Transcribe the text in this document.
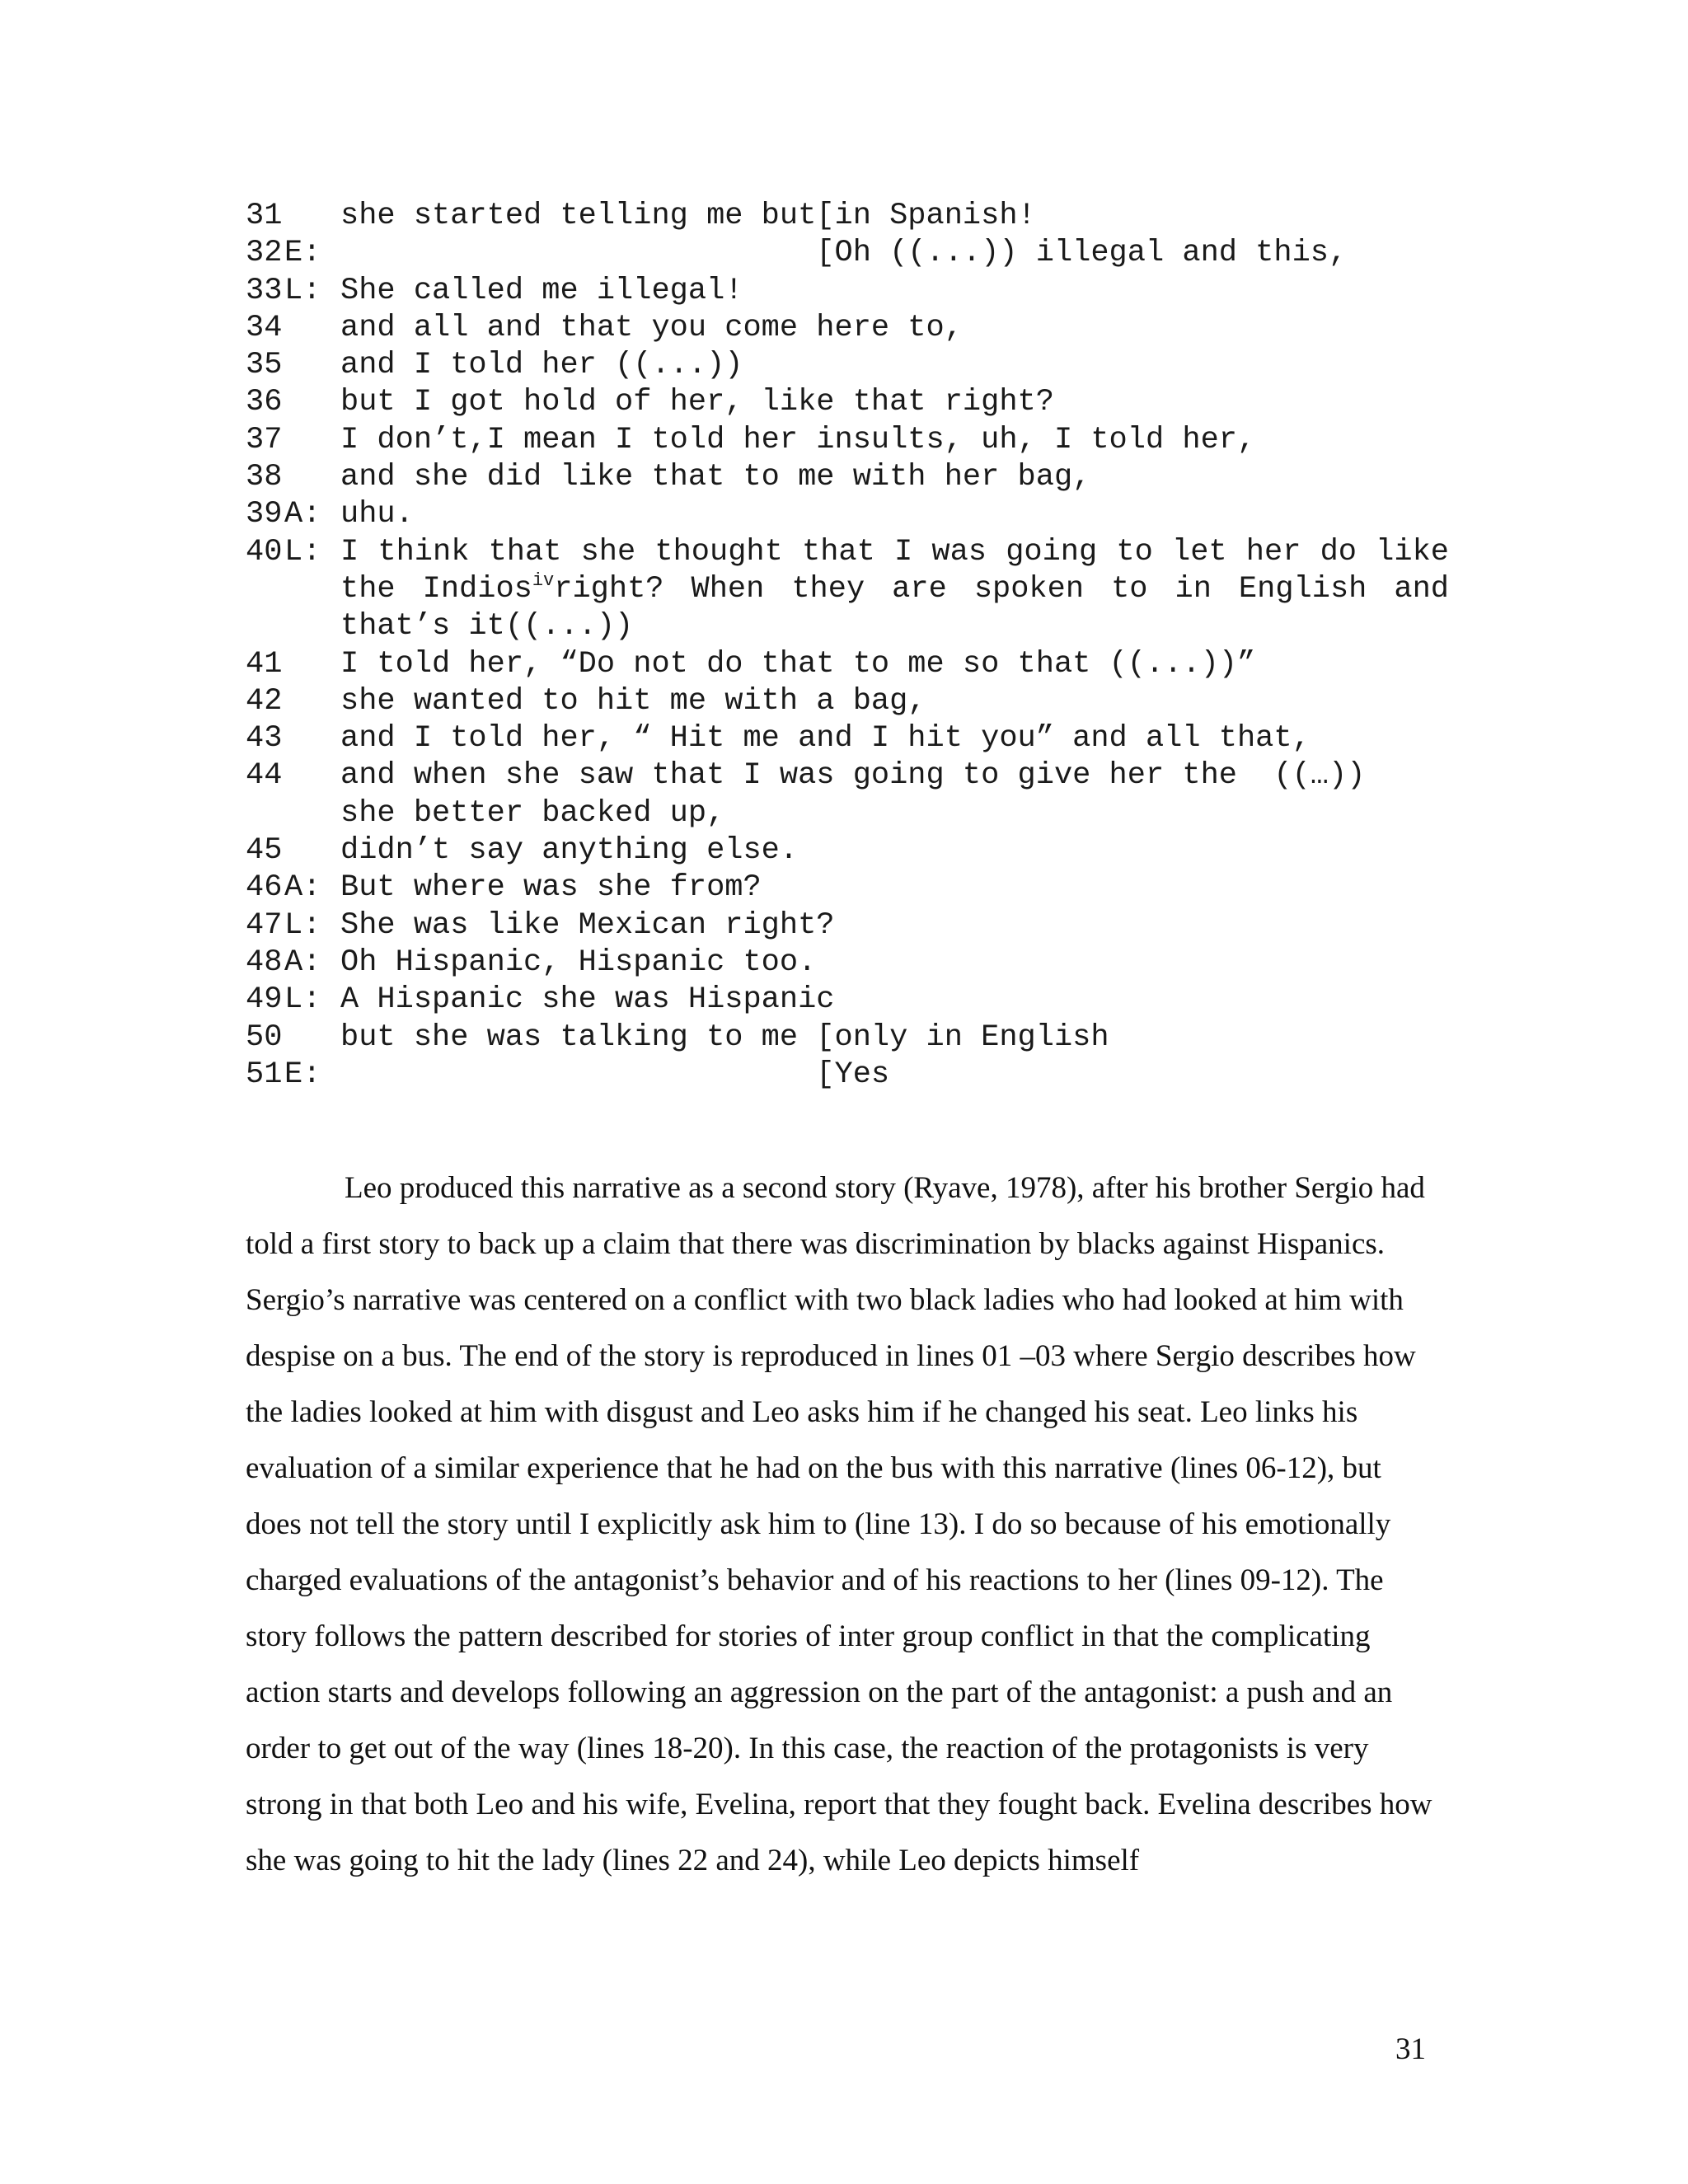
31 she started telling me but[in Spanish!
32 E: [Oh ((...)) illegal and this,
33 L: She called me illegal!
34 and all and that you come here to,
35 and I told her ((...))
36 but I got hold of her, like that right?
37 I don’t,I mean I told her insults, uh, I told her,
38 and she did like that to me with her bag,
39 A: uhu.
40 L: I think that she thought that I was going to let her do like the Indios$^{iv}$right? When they are spoken to in English and that’s it((...))
41 I told her, “Do not do that to me so that ((...))”
42 she wanted to hit me with a bag,
43 and I told her, “ Hit me and I hit you” and all that,
44 and when she saw that I was going to give her the  ((…))
she better backed up,
45 didn’t say anything else.
46 A: But where was she from?
47 L: She was like Mexican right?
48 A: Oh Hispanic, Hispanic too.
49 L: A Hispanic she was Hispanic
50 but she was talking to me [only in English
51 E: [Yes

Leo produced this narrative as a second story (Ryave, 1978), after his brother Sergio had told a first story to back up a claim that there was discrimination by blacks against Hispanics. Sergio’s narrative was centered on a conflict with two black ladies who had looked at him with despise on a bus. The end of the story is reproduced in lines 01 –03 where Sergio describes how the ladies looked at him with disgust and Leo asks him if he changed his seat. Leo links his evaluation of a similar experience that he had on the bus with this narrative (lines 06-12), but does not tell the story until I explicitly ask him to (line 13). I do so because of his emotionally charged evaluations of the antagonist’s behavior and of his reactions to her (lines 09-12). The story follows the pattern described for stories of inter group conflict in that the complicating action starts and develops following an aggression on the part of the antagonist: a push and an order to get out of the way (lines 18-20). In this case, the reaction of the protagonists is very strong in that both Leo and his wife, Evelina, report that they fought back. Evelina describes how she was going to hit the lady (lines 22 and 24), while Leo depicts himself

31
